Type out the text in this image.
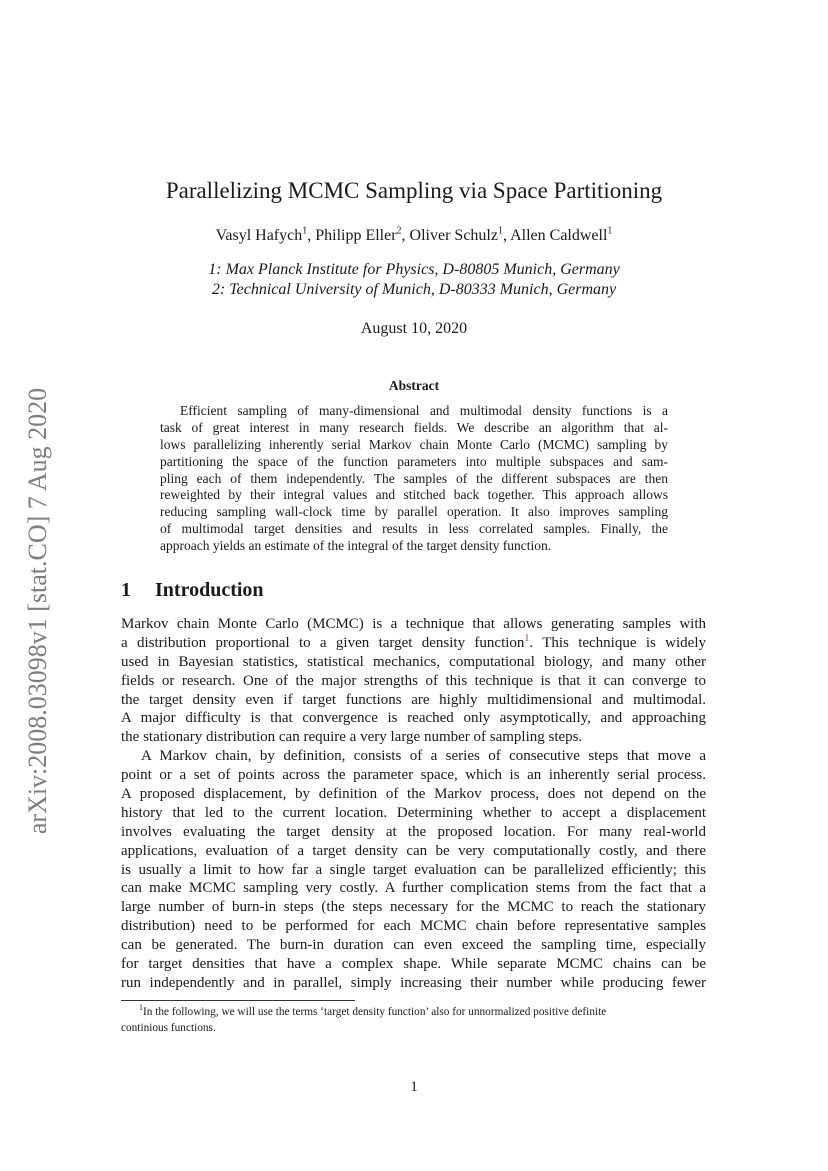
arXiv:2008.03098v1 [stat.CO] 7 Aug 2020
Parallelizing MCMC Sampling via Space Partitioning
Vasyl Hafych$^1$, Philipp Eller$^2$, Oliver Schulz$^1$, Allen Caldwell$^1$
1: Max Planck Institute for Physics, D-80805 Munich, Germany
2: Technical University of Munich, D-80333 Munich, Germany
August 10, 2020
Abstract
Efficient sampling of many-dimensional and multimodal density functions is a
task of great interest in many research fields. We describe an algorithm that al-
lows parallelizing inherently serial Markov chain Monte Carlo (MCMC) sampling by
partitioning the space of the function parameters into multiple subspaces and sam-
pling each of them independently. The samples of the different subspaces are then
reweighted by their integral values and stitched back together. This approach allows
reducing sampling wall-clock time by parallel operation. It also improves sampling
of multimodal target densities and results in less correlated samples. Finally, the
approach yields an estimate of the integral of the target density function.
1 Introduction
Markov chain Monte Carlo (MCMC) is a technique that allows generating samples with
a distribution proportional to a given target density function$^1$. This technique is widely
used in Bayesian statistics, statistical mechanics, computational biology, and many other
fields or research. One of the major strengths of this technique is that it can converge to
the target density even if target functions are highly multidimensional and multimodal.
A major difficulty is that convergence is reached only asymptotically, and approaching
the stationary distribution can require a very large number of sampling steps.
A Markov chain, by definition, consists of a series of consecutive steps that move a
point or a set of points across the parameter space, which is an inherently serial process.
A proposed displacement, by definition of the Markov process, does not depend on the
history that led to the current location. Determining whether to accept a displacement
involves evaluating the target density at the proposed location. For many real-world
applications, evaluation of a target density can be very computationally costly, and there
is usually a limit to how far a single target evaluation can be parallelized efficiently; this
can make MCMC sampling very costly. A further complication stems from the fact that a
large number of burn-in steps (the steps necessary for the MCMC to reach the stationary
distribution) need to be performed for each MCMC chain before representative samples
can be generated. The burn-in duration can even exceed the sampling time, especially
for target densities that have a complex shape. While separate MCMC chains can be
run independently and in parallel, simply increasing their number while producing fewer
$^1$In the following, we will use the terms ‘target density function’ also for unnormalized positive definite
continious functions.
1
